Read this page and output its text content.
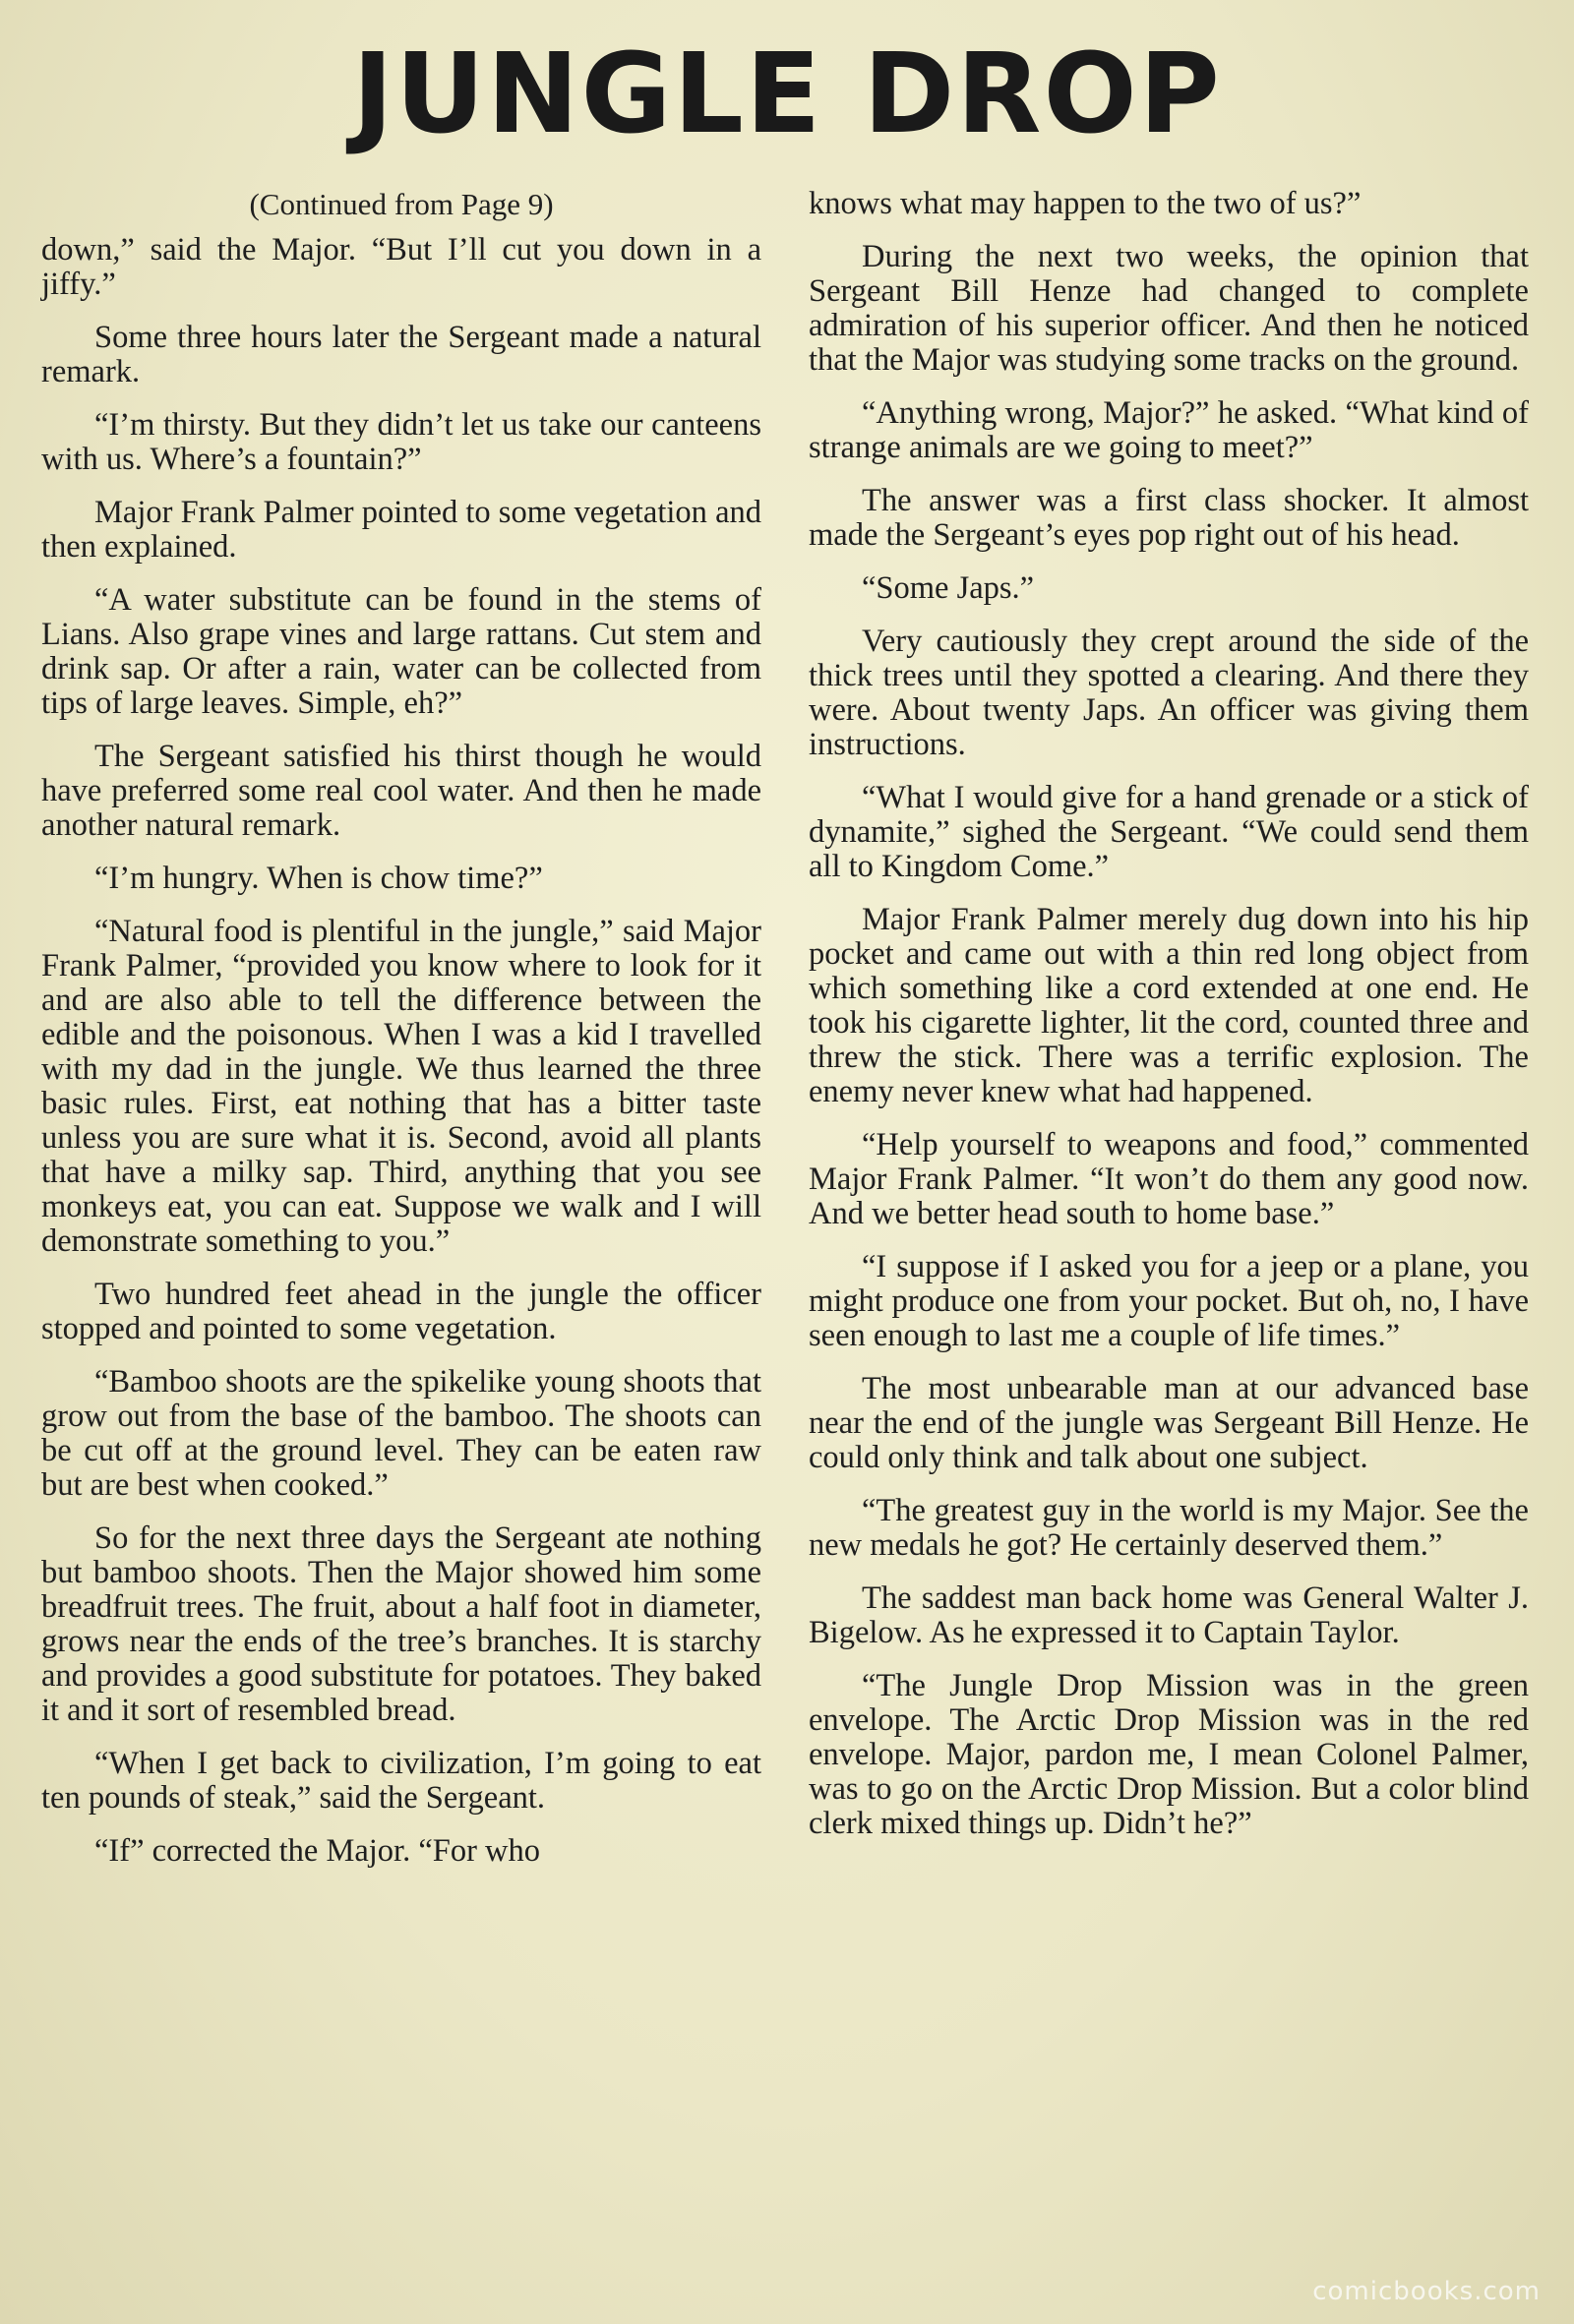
JUNGLE DROP

(Continued from Page 9)

down,” said the Major. “But I’ll cut you down in a jiffy.”

Some three hours later the Sergeant made a natural remark.

“I’m thirsty. But they didn’t let us take our canteens with us. Where’s a fountain?”

Major Frank Palmer pointed to some vegetation and then explained.

“A water substitute can be found in the stems of Lians. Also grape vines and large rattans. Cut stem and drink sap. Or after a rain, water can be collected from tips of large leaves. Simple, eh?”

The Sergeant satisfied his thirst though he would have preferred some real cool water. And then he made another natural remark.

“I’m hungry. When is chow time?”

“Natural food is plentiful in the jungle,” said Major Frank Palmer, “provided you know where to look for it and are also able to tell the difference between the edible and the poisonous. When I was a kid I travelled with my dad in the jungle. We thus learned the three basic rules. First, eat nothing that has a bitter taste unless you are sure what it is. Second, avoid all plants that have a milky sap. Third, anything that you see monkeys eat, you can eat. Suppose we walk and I will demonstrate something to you.”

Two hundred feet ahead in the jungle the officer stopped and pointed to some vegetation.

“Bamboo shoots are the spikelike young shoots that grow out from the base of the bamboo. The shoots can be cut off at the ground level. They can be eaten raw but are best when cooked.”

So for the next three days the Sergeant ate nothing but bamboo shoots. Then the Major showed him some breadfruit trees. The fruit, about a half foot in diameter, grows near the ends of the tree’s branches. It is starchy and provides a good substitute for potatoes. They baked it and it sort of resembled bread.

“When I get back to civilization, I’m going to eat ten pounds of steak,” said the Sergeant.

“If” corrected the Major. “For who

knows what may happen to the two of us?”

During the next two weeks, the opinion that Sergeant Bill Henze had changed to complete admiration of his superior officer. And then he noticed that the Major was studying some tracks on the ground.

“Anything wrong, Major?” he asked. “What kind of strange animals are we going to meet?”

The answer was a first class shocker. It almost made the Sergeant’s eyes pop right out of his head.

“Some Japs.”

Very cautiously they crept around the side of the thick trees until they spotted a clearing. And there they were. About twenty Japs. An officer was giving them instructions.

“What I would give for a hand grenade or a stick of dynamite,” sighed the Sergeant. “We could send them all to Kingdom Come.”

Major Frank Palmer merely dug down into his hip pocket and came out with a thin red long object from which something like a cord extended at one end. He took his cigarette lighter, lit the cord, counted three and threw the stick. There was a terrific explosion. The enemy never knew what had happened.

“Help yourself to weapons and food,” commented Major Frank Palmer. “It won’t do them any good now. And we better head south to home base.”

“I suppose if I asked you for a jeep or a plane, you might produce one from your pocket. But oh, no, I have seen enough to last me a couple of life times.”

The most unbearable man at our advanced base near the end of the jungle was Sergeant Bill Henze. He could only think and talk about one subject.

“The greatest guy in the world is my Major. See the new medals he got? He certainly deserved them.”

The saddest man back home was General Walter J. Bigelow. As he expressed it to Captain Taylor.

“The Jungle Drop Mission was in the green envelope. The Arctic Drop Mission was in the red envelope. Major, pardon me, I mean Colonel Palmer, was to go on the Arctic Drop Mission. But a color blind clerk mixed things up. Didn’t he?”

comicbooks.com
